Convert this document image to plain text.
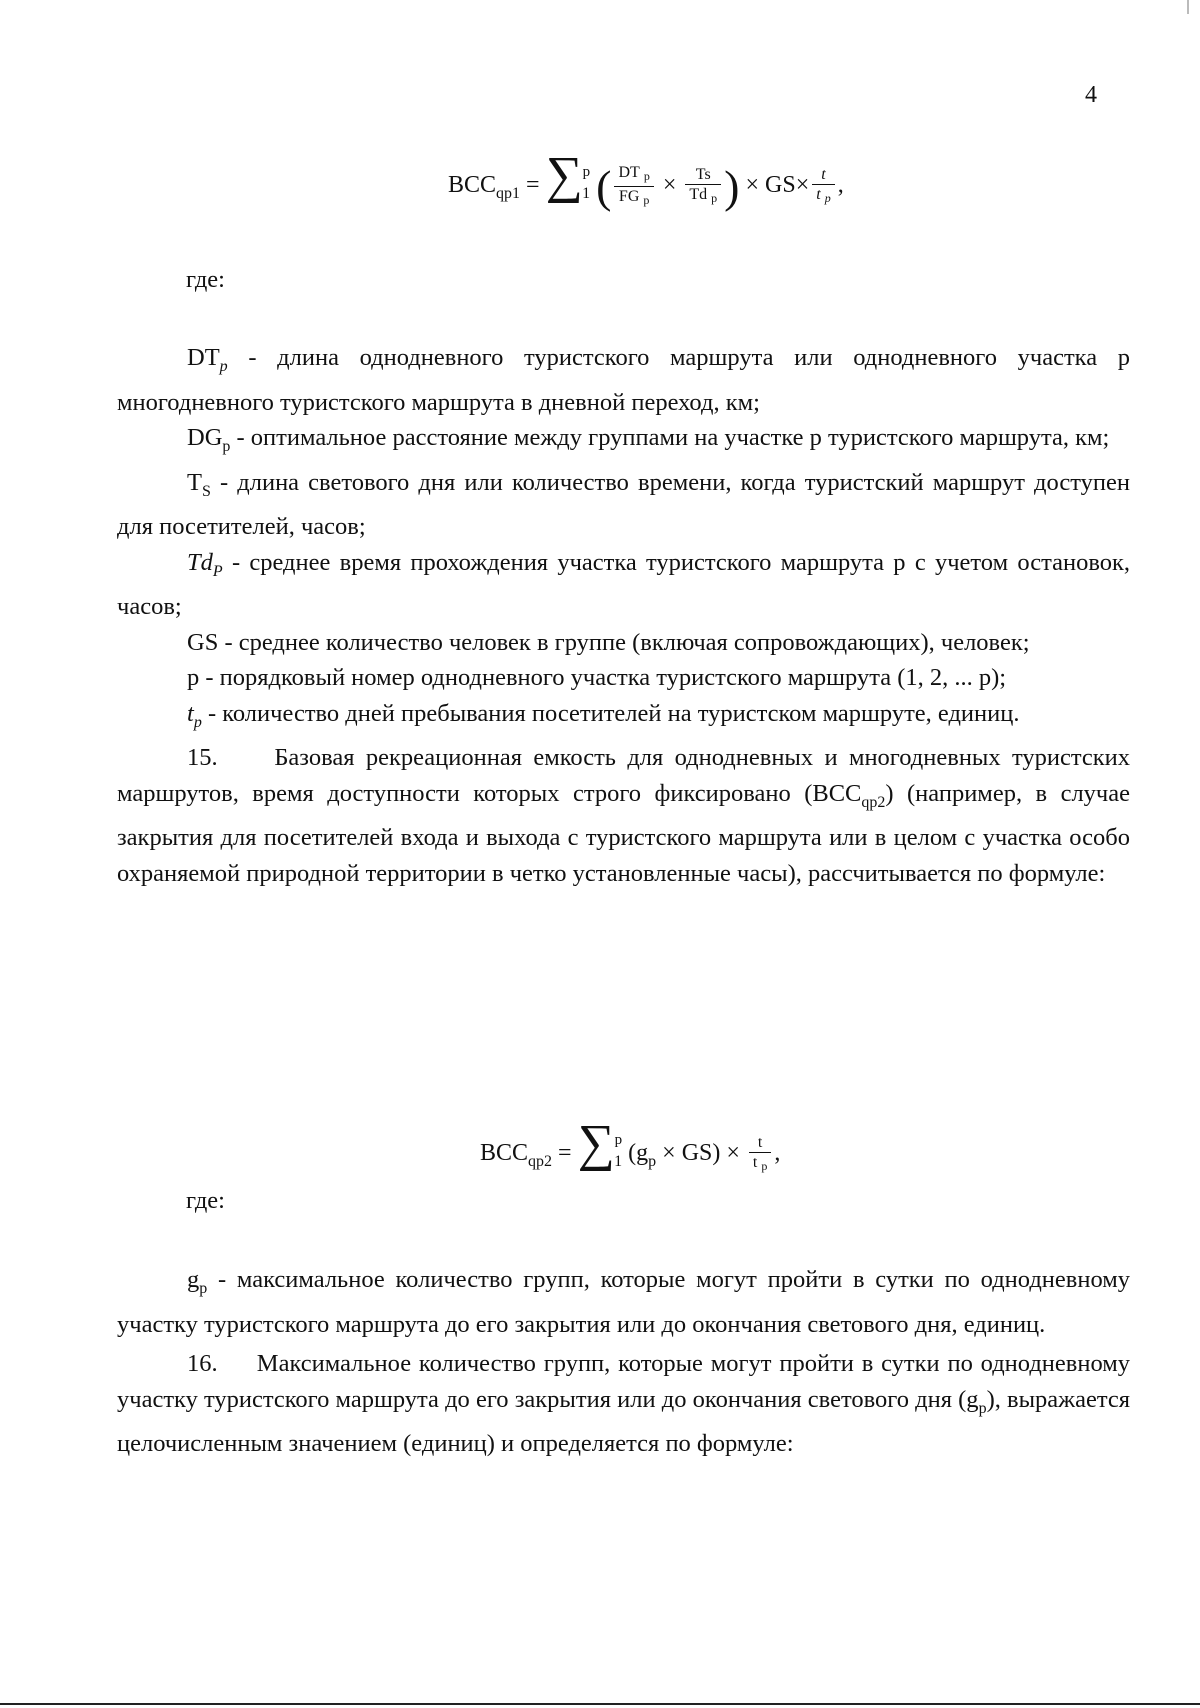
4
$BCC_{qp1} = \sum^p_1$ ( $\frac{\text{DT p}}{\text{FG p}} \times \frac{Ts}{\text{Td p}}$ ) × $GS\times \frac{t}{\text{t p}}$ ,
где:

$DT_p$ - длина однодневного туристского маршрута или однодневного участка p многодневного туристского маршрута в дневной переход, км;

$DG_p$ - оптимальное расстояние между группами на участке p туристского маршрута, км;

$T_S$ - длина светового дня или количество времени, когда туристский маршрут доступен для посетителей, часов;

$Td_P$ - среднее время прохождения участка туристского маршрута p с учетом остановок, часов;

GS - среднее количество человек в группе (включая сопровождающих), человек;

p - порядковый номер однодневного участка туристского маршрута (1, 2, ... p);

$t_p$ - количество дней пребывания посетителей на туристском маршруте, единиц.

15. Базовая рекреационная емкость для однодневных и многодневных туристских маршрутов, время доступности которых строго фиксировано $(BCC_{qp2})$ (например, в случае закрытия для посетителей входа и выхода с туристского маршрута или в целом с участка особо охраняемой природной территории в четко установленные часы), рассчитывается по формуле:

$BCC_{qp2} = \sum^p_1$ $(g_p \times GS) \times \frac{t}{\text{t p}}$ ,
где:

$g_p$ - максимальное количество групп, которые могут пройти в сутки по однодневному участку туристского маршрута до его закрытия или до окончания светового дня, единиц.

16. Максимальное количество групп, которые могут пройти в сутки по однодневному участку туристского маршрута до его закрытия или до окончания светового дня $(g_p)$, выражается целочисленным значением (единиц) и определяется по формуле:
